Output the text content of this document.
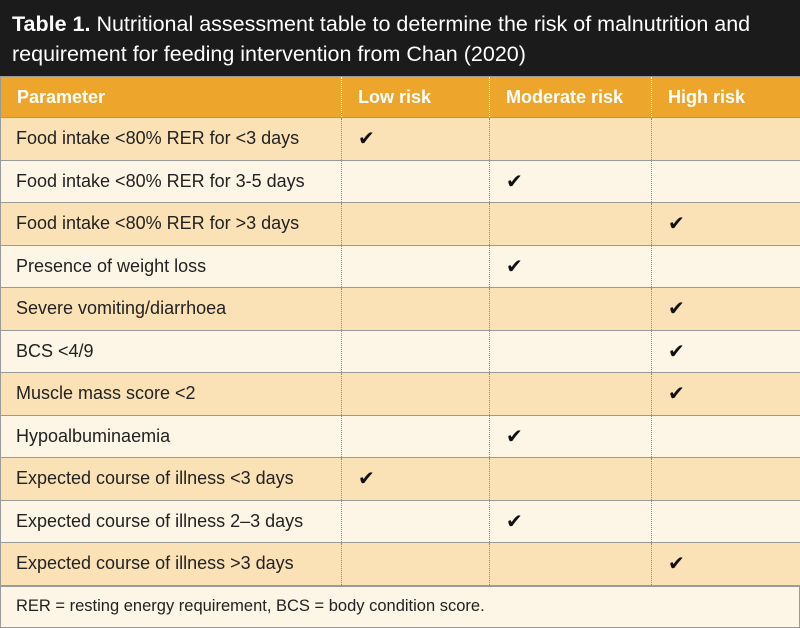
Table 1. Nutritional assessment table to determine the risk of malnutrition and requirement for feeding intervention from Chan (2020)
Parameter	Low risk	Moderate risk	High risk
Food intake <80% RER for <3 days	✔		
Food intake <80% RER for 3-5 days		✔	
Food intake <80% RER for >3 days			✔
Presence of weight loss		✔	
Severe vomiting/diarrhoea			✔
BCS <4/9			✔
Muscle mass score <2			✔
Hypoalbuminaemia		✔	
Expected course of illness <3 days	✔		
Expected course of illness 2–3 days		✔	
Expected course of illness >3 days			✔
RER = resting energy requirement, BCS = body condition score.
